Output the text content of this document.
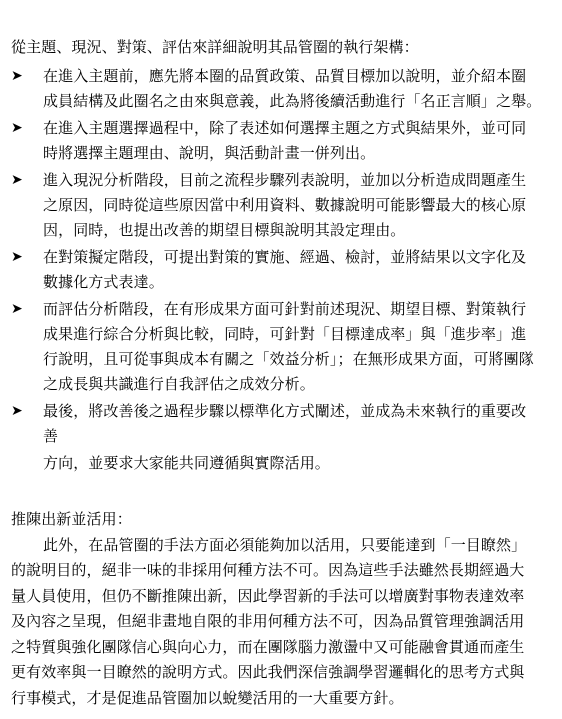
從主題、現況、對策、評估來詳細說明其品管圈的執行架構：
➤ 在進入主題前，應先將本圈的品質政策、品質目標加以說明，並介紹本圈
成員結構及此圈名之由來與意義，此為將後續活動進行「名正言順」之舉。
➤ 在進入主題選擇過程中，除了表述如何選擇主題之方式與結果外，並可同
時將選擇主題理由、說明，與活動計畫一併列出。
➤ 進入現況分析階段，目前之流程步驟列表說明，並加以分析造成問題產生
之原因，同時從這些原因當中利用資料、數據說明可能影響最大的核心原
因，同時，也提出改善的期望目標與說明其設定理由。
➤ 在對策擬定階段，可提出對策的實施、經過、檢討，並將結果以文字化及
數據化方式表達。
➤ 而評估分析階段，在有形成果方面可針對前述現況、期望目標、對策執行
成果進行綜合分析與比較，同時，可針對「目標達成率」與「進步率」進
行說明，且可從事與成本有關之「效益分析」；在無形成果方面，可將團隊
之成長與共識進行自我評估之成效分析。
➤ 最後，將改善後之過程步驟以標準化方式闡述，並成為未來執行的重要改
善
方向，並要求大家能共同遵循與實際活用。
推陳出新並活用：
此外，在品管圈的手法方面必須能夠加以活用，只要能達到「一目瞭然」
的說明目的，絕非一味的非採用何種方法不可。因為這些手法雖然長期經過大
量人員使用，但仍不斷推陳出新，因此學習新的手法可以增廣對事物表達效率
及內容之呈現，但絕非畫地自限的非用何種方法不可，因為品質管理強調活用
之特質與強化團隊信心與向心力，而在團隊腦力激盪中又可能融會貫通而產生
更有效率與一目瞭然的說明方式。因此我們深信強調學習邏輯化的思考方式與
行事模式，才是促進品管圈加以蛻變活用的一大重要方針。
